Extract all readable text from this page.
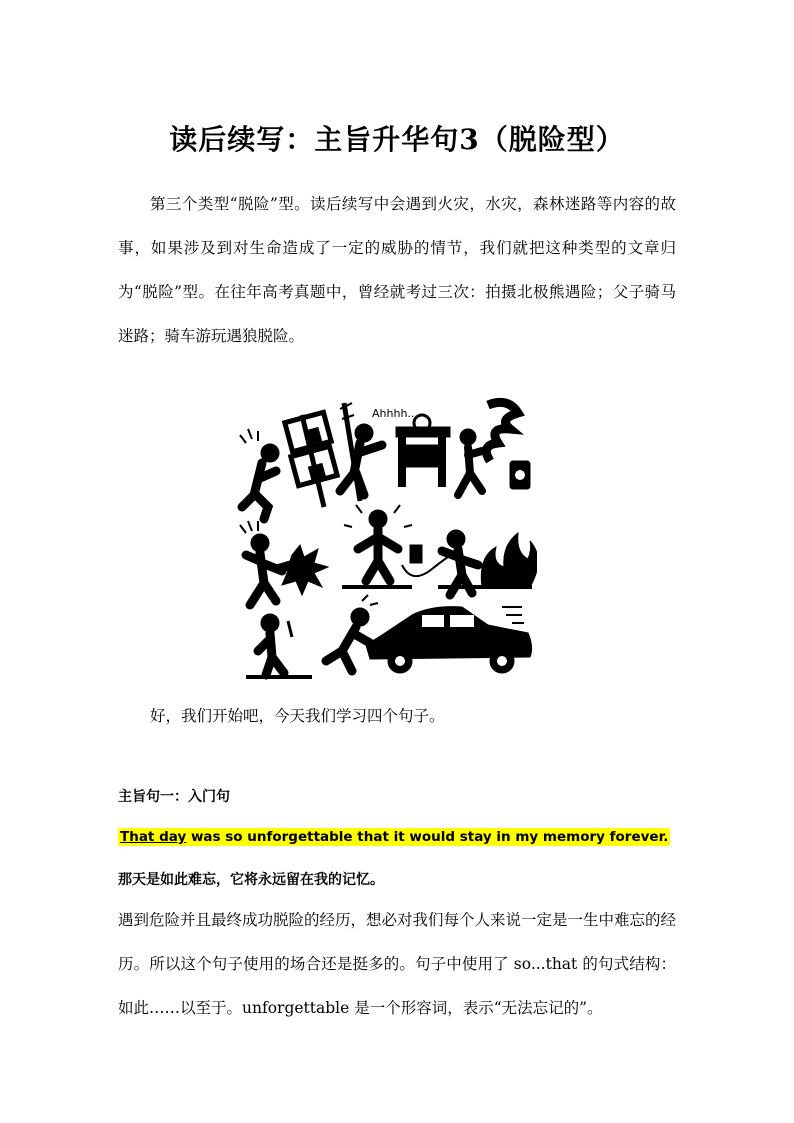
读后续写：主旨升华句3（脱险型）
第三个类型“脱险”型。读后续写中会遇到火灾，水灾，森林迷路等内容的故事，如果涉及到对生命造成了一定的威胁的情节，我们就把这种类型的文章归为“脱险”型。在往年高考真题中，曾经就考过三次：拍摄北极熊遇险；父子骑马迷路；骑车游玩遇狼脱险。
Ahhhh....
好，我们开始吧，今天我们学习四个句子。
主旨句一：入门句
That day was so unforgettable that it would stay in my memory forever.
那天是如此难忘，它将永远留在我的记忆。
遇到危险并且最终成功脱险的经历，想必对我们每个人来说一定是一生中难忘的经历。所以这个句子使用的场合还是挺多的。句子中使用了 so...that 的句式结构：如此……以至于。unforgettable 是一个形容词，表示“无法忘记的”。
